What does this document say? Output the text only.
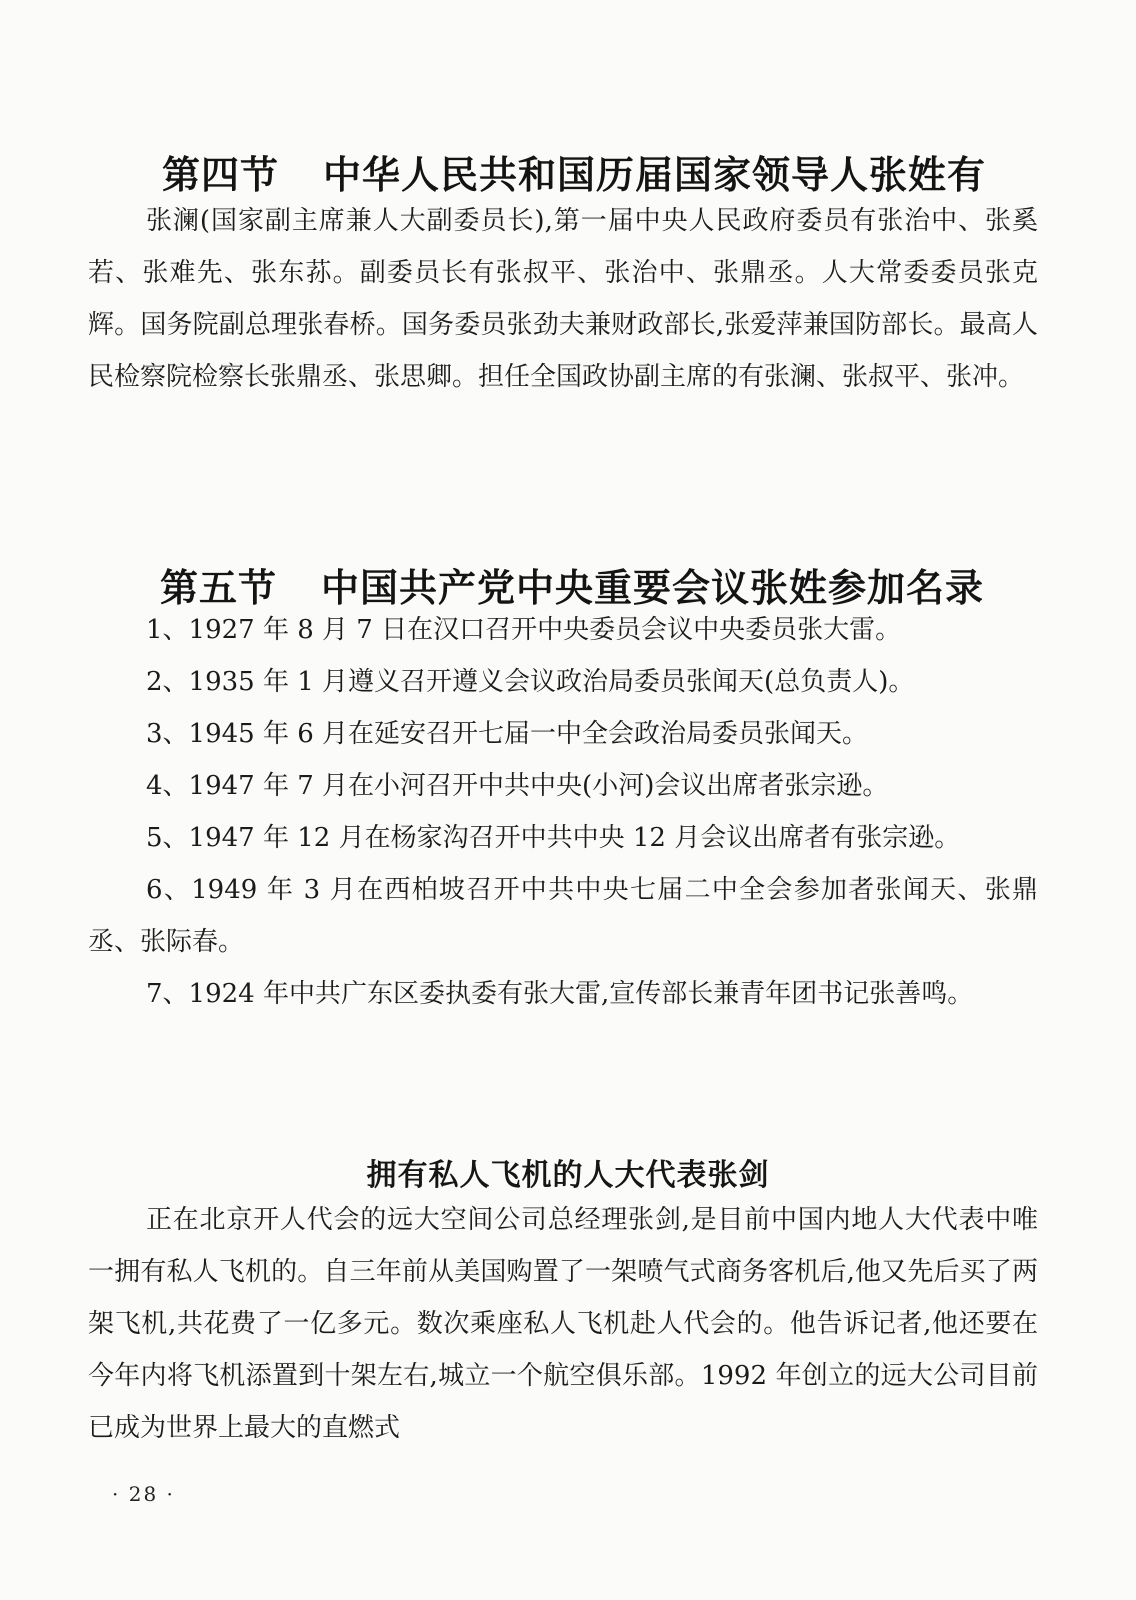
第四节 中华人民共和国历届国家领导人张姓有

张澜(国家副主席兼人大副委员长),第一届中央人民政府委员有张治中、张奚若、张难先、张东荪。副委员长有张叔平、张治中、张鼎丞。人大常委委员张克辉。国务院副总理张春桥。国务委员张劲夫兼财政部长,张爱萍兼国防部长。最高人民检察院检察长张鼎丞、张思卿。担任全国政协副主席的有张澜、张叔平、张冲。

第五节 中国共产党中央重要会议张姓参加名录
1、1927 年 8 月 7 日在汉口召开中央委员会议中央委员张大雷。
2、1935 年 1 月遵义召开遵义会议政治局委员张闻天(总负责人)。
3、1945 年 6 月在延安召开七届一中全会政治局委员张闻天。
4、1947 年 7 月在小河召开中共中央(小河)会议出席者张宗逊。
5、1947 年 12 月在杨家沟召开中共中央 12 月会议出席者有张宗逊。
6、1949 年 3 月在西柏坡召开中共中央七届二中全会参加者张闻天、张鼎丞、张际春。
7、1924 年中共广东区委执委有张大雷,宣传部长兼青年团书记张善鸣。
拥有私人飞机的人大代表张剑

正在北京开人代会的远大空间公司总经理张剑,是目前中国内地人大代表中唯一拥有私人飞机的。自三年前从美国购置了一架喷气式商务客机后,他又先后买了两架飞机,共花费了一亿多元。数次乘座私人飞机赴人代会的。他告诉记者,他还要在今年内将飞机添置到十架左右,城立一个航空俱乐部。1992 年创立的远大公司目前已成为世界上最大的直燃式

· 28 ·
